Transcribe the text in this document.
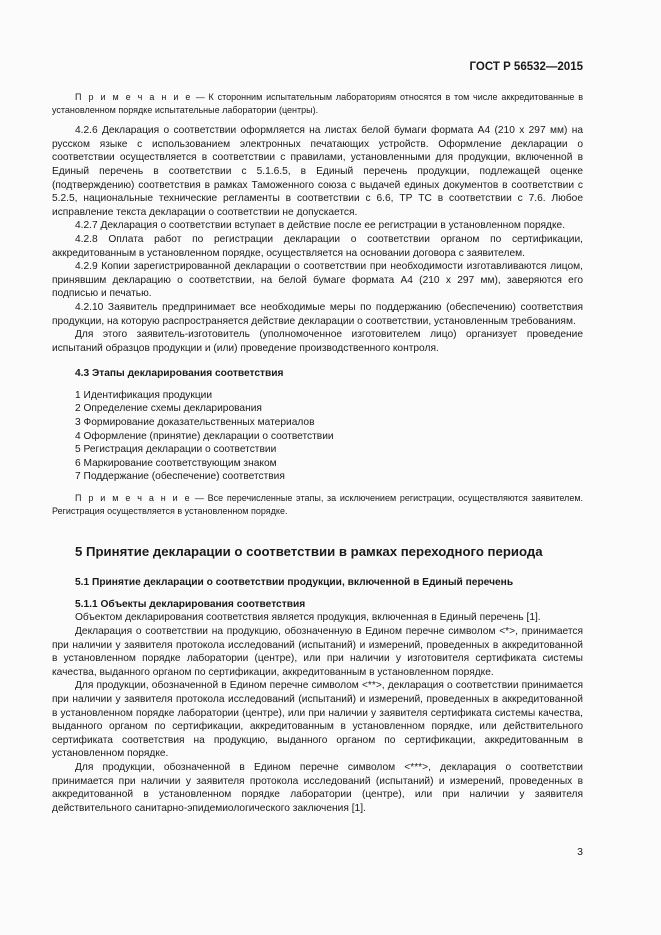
ГОСТ Р 56532—2015

П р и м е ч а н и е — К сторонним испытательным лабораториям относятся в том числе аккредитованные в установленном порядке испытательные лаборатории (центры).

4.2.6 Декларация о соответствии оформляется на листах белой бумаги формата А4 (210 х 297 мм) на русском языке с использованием электронных печатающих устройств. Оформление декларации о соответствии осуществляется в соответствии с правилами, установленными для продукции, включенной в Единый перечень в соответствии с 5.1.6.5, в Единый перечень продукции, подлежащей оценке (подтверждению) соответствия в рамках Таможенного союза с выдачей единых документов в соответствии с 5.2.5, национальные технические регламенты в соответствии с 6.6, ТР ТС в соответствии с 7.6. Любое исправление текста декларации о соответствии не допускается.

4.2.7 Декларация о соответствии вступает в действие после ее регистрации в установленном порядке.

4.2.8 Оплата работ по регистрации декларации о соответствии органом по сертификации, аккредитованным в установленном порядке, осуществляется на основании договора с заявителем.

4.2.9 Копии зарегистрированной декларации о соответствии при необходимости изготавливаются лицом, принявшим декларацию о соответствии, на белой бумаге формата А4 (210 х 297 мм), заверяются его подписью и печатью.

4.2.10 Заявитель предпринимает все необходимые меры по поддержанию (обеспечению) соответствия продукции, на которую распространяется действие декларации о соответствии, установленным требованиям.

Для этого заявитель-изготовитель (уполномоченное изготовителем лицо) организует проведение испытаний образцов продукции и (или) проведение производственного контроля.

4.3 Этапы декларирования соответствия

1 Идентификация продукции
2 Определение схемы декларирования
3 Формирование доказательственных материалов
4 Оформление (принятие) декларации о соответствии
5 Регистрация декларации о соответствии
6 Маркирование соответствующим знаком
7 Поддержание (обеспечение) соответствия

П р и м е ч а н и е — Все перечисленные этапы, за исключением регистрации, осуществляются заявителем. Регистрация осуществляется в установленном порядке.

5 Принятие декларации о соответствии в рамках переходного периода

5.1 Принятие декларации о соответствии продукции, включенной в Единый перечень

5.1.1 Объекты декларирования соответствия

Объектом декларирования соответствия является продукция, включенная в Единый перечень [1].

Декларация о соответствии на продукцию, обозначенную в Едином перечне символом <*>, принимается при наличии у заявителя протокола исследований (испытаний) и измерений, проведенных в аккредитованной в установленном порядке лаборатории (центре), или при наличии у изготовителя сертификата системы качества, выданного органом по сертификации, аккредитованным в установленном порядке.

Для продукции, обозначенной в Едином перечне символом <**>, декларация о соответствии принимается при наличии у заявителя протокола исследований (испытаний) и измерений, проведенных в аккредитованной в установленном порядке лаборатории (центре), или при наличии у заявителя сертификата системы качества, выданного органом по сертификации, аккредитованным в установленном порядке, или действительного сертификата соответствия на продукцию, выданного органом по сертификации, аккредитованным в установленном порядке.

Для продукции, обозначенной в Едином перечне символом <***>, декларация о соответствии принимается при наличии у заявителя протокола исследований (испытаний) и измерений, проведенных в аккредитованной в установленном порядке лаборатории (центре), или при наличии у заявителя действительного санитарно-эпидемиологического заключения [1].

3
